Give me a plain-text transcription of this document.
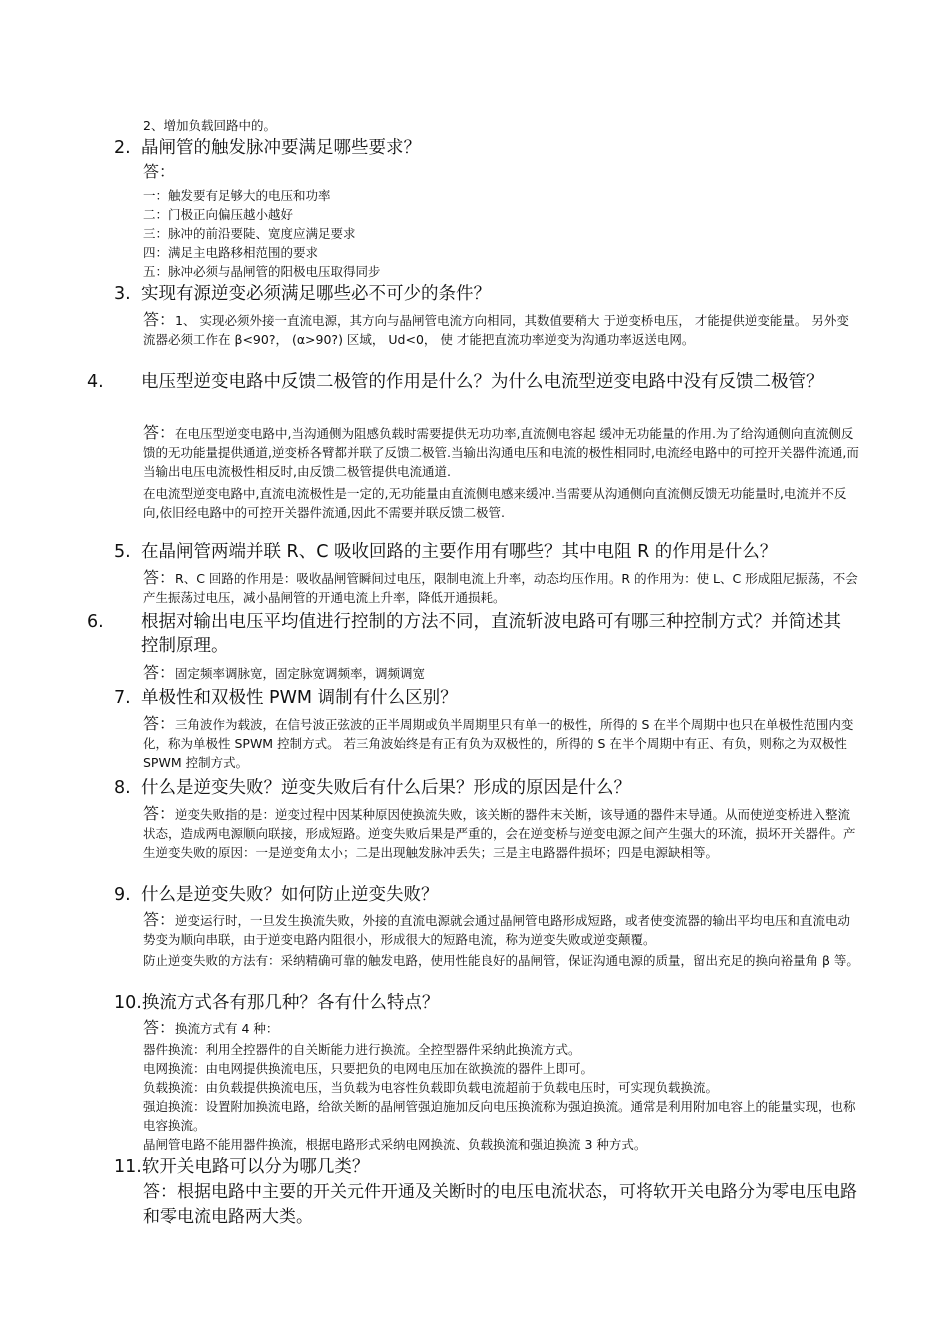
2、增加负载回路中的。
2. 晶闸管的触发脉冲要满足哪些要求？
答：
一：触发要有足够大的电压和功率
二：门极正向偏压越小越好
三：脉冲的前沿要陡、宽度应满足要求
四：满足主电路移相范围的要求
五：脉冲必须与晶闸管的阳极电压取得同步
3. 实现有源逆变必须满足哪些必不可少的条件？
答：1、 实现必须外接一直流电源，其方向与晶闸管电流方向相同，其数值要稍大 于逆变桥电压， 才能提供逆变能量。 另外变流器必须工作在 β<90?， (α>90?) 区域， Ud<0， 使 才能把直流功率逆变为沟通功率返送电网。
4. 电压型逆变电路中反馈二极管的作用是什么？为什么电流型逆变电路中没有反馈二极管？
答：在电压型逆变电路中,当沟通侧为阻感负载时需要提供无功功率,直流侧电容起 缓冲无功能量的作用.为了给沟通侧向直流侧反馈的无功能量提供通道,逆变桥各臂都并联了反馈二极管.当输出沟通电压和电流的极性相同时,电流经电路中的可控开关器件流通,而当输出电压电流极性相反时,由反馈二极管提供电流通道.
在电流型逆变电路中,直流电流极性是一定的,无功能量由直流侧电感来缓冲.当需要从沟通侧向直流侧反馈无功能量时,电流并不反向,依旧经电路中的可控开关器件流通,因此不需要并联反馈二极管.
5. 在晶闸管两端并联 R、C 吸收回路的主要作用有哪些？其中电阻 R 的作用是什么？
答：R、C 回路的作用是：吸收晶闸管瞬间过电压，限制电流上升率，动态均压作用。R 的作用为：使 L、C 形成阻尼振荡，不会产生振荡过电压，减小晶闸管的开通电流上升率，降低开通损耗。
6. 根据对输出电压平均值进行控制的方法不同，直流斩波电路可有哪三种控制方式？并简述其控制原理。
答：固定频率调脉宽，固定脉宽调频率，调频调宽
7. 单极性和双极性 PWM 调制有什么区别？
答：三角波作为载波，在信号波正弦波的正半周期或负半周期里只有单一的极性，所得的 S 在半个周期中也只在单极性范围内变化，称为单极性 SPWM 控制方式。 若三角波始终是有正有负为双极性的，所得的 S 在半个周期中有正、有负，则称之为双极性 SPWM 控制方式。
8. 什么是逆变失败？逆变失败后有什么后果？形成的原因是什么？
答：逆变失败指的是：逆变过程中因某种原因使换流失败，该关断的器件末关断，该导通的器件末导通。从而使逆变桥进入整流状态，造成两电源顺向联接，形成短路。逆变失败后果是严重的，会在逆变桥与逆变电源之间产生强大的环流，损坏开关器件。产生逆变失败的原因：一是逆变角太小；二是出现触发脉冲丢失；三是主电路器件损坏；四是电源缺相等。
9. 什么是逆变失败？如何防止逆变失败？
答：逆变运行时，一旦发生换流失败，外接的直流电源就会通过晶闸管电路形成短路，或者使变流器的输出平均电压和直流电动势变为顺向串联，由于逆变电路内阻很小，形成很大的短路电流，称为逆变失败或逆变颠覆。
防止逆变失败的方法有：采纳精确可靠的触发电路，使用性能良好的晶闸管，保证沟通电源的质量，留出充足的换向裕量角 β 等。
10.换流方式各有那几种？各有什么特点？
答：换流方式有 4 种：
器件换流：利用全控器件的自关断能力进行换流。全控型器件采纳此换流方式。
电网换流：由电网提供换流电压，只要把负的电网电压加在欲换流的器件上即可。
负载换流：由负载提供换流电压，当负载为电容性负载即负载电流超前于负载电压时，可实现负载换流。
强迫换流：设置附加换流电路，给欲关断的晶闸管强迫施加反向电压换流称为强迫换流。通常是利用附加电容上的能量实现，也称电容换流。
晶闸管电路不能用器件换流，根据电路形式采纳电网换流、负载换流和强迫换流 3 种方式。
11.软开关电路可以分为哪几类？
答：根据电路中主要的开关元件开通及关断时的电压电流状态，可将软开关电路分为零电压电路和零电流电路两大类。
